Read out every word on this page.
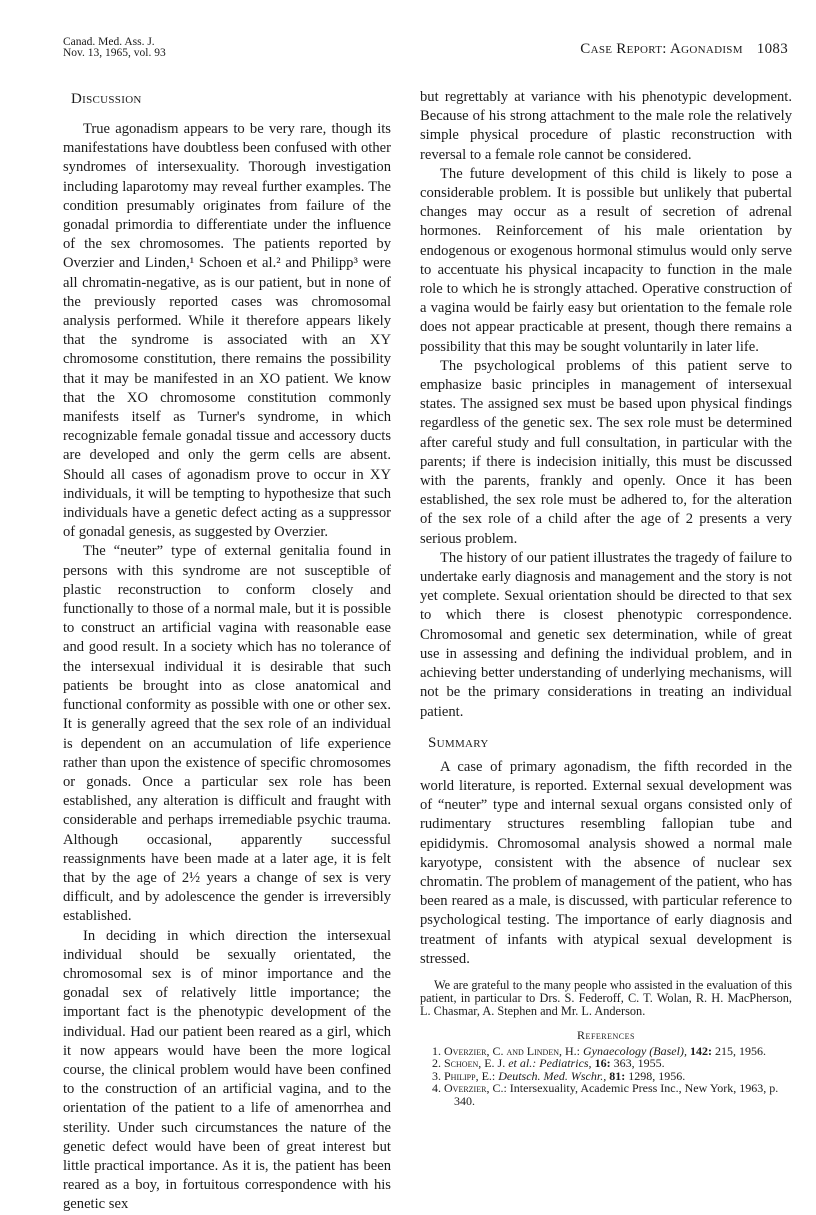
Canad. Med. Ass. J.
Nov. 13, 1965, vol. 93	Case Report: Agonadism 1083
Discussion

True agonadism appears to be very rare, though its manifestations have doubtless been confused with other syndromes of intersexuality. Thorough investigation including laparotomy may reveal further examples. The condition presumably originates from failure of the gonadal primordia to differentiate under the influence of the sex chromosomes. The patients reported by Overzier and Linden,¹ Schoen et al.² and Philipp³ were all chromatin-negative, as is our patient, but in none of the previously reported cases was chromosomal analysis performed. While it therefore appears likely that the syndrome is associated with an XY chromosome constitution, there remains the possibility that it may be manifested in an XO patient. We know that the XO chromosome constitution commonly manifests itself as Turner's syndrome, in which recognizable female gonadal tissue and accessory ducts are developed and only the germ cells are absent. Should all cases of agonadism prove to occur in XY individuals, it will be tempting to hypothesize that such individuals have a genetic defect acting as a suppressor of gonadal genesis, as suggested by Overzier.

The “neuter” type of external genitalia found in persons with this syndrome are not susceptible of plastic reconstruction to conform closely and functionally to those of a normal male, but it is possible to construct an artificial vagina with reasonable ease and good result. In a society which has no tolerance of the intersexual individual it is desirable that such patients be brought into as close anatomical and functional conformity as possible with one or other sex. It is generally agreed that the sex role of an individual is dependent on an accumulation of life experience rather than upon the existence of specific chromosomes or gonads. Once a particular sex role has been established, any alteration is difficult and fraught with considerable and perhaps irremediable psychic trauma. Although occasional, apparently successful reassignments have been made at a later age, it is felt that by the age of 2½ years a change of sex is very difficult, and by adolescence the gender is irreversibly established.

In deciding in which direction the intersexual individual should be sexually orientated, the chromosomal sex is of minor importance and the gonadal sex of relatively little importance; the important fact is the phenotypic development of the individual. Had our patient been reared as a girl, which it now appears would have been the more logical course, the clinical problem would have been confined to the construction of an artificial vagina, and to the orientation of the patient to a life of amenorrhea and sterility. Under such circumstances the nature of the genetic defect would have been of great interest but little practical importance. As it is, the patient has been reared as a boy, in fortuitous correspondence with his genetic sex

but regrettably at variance with his phenotypic development. Because of his strong attachment to the male role the relatively simple physical procedure of plastic reconstruction with reversal to a female role cannot be considered.

The future development of this child is likely to pose a considerable problem. It is possible but unlikely that pubertal changes may occur as a result of secretion of adrenal hormones. Reinforcement of his male orientation by endogenous or exogenous hormonal stimulus would only serve to accentuate his physical incapacity to function in the male role to which he is strongly attached. Operative construction of a vagina would be fairly easy but orientation to the female role does not appear practicable at present, though there remains a possibility that this may be sought voluntarily in later life.

The psychological problems of this patient serve to emphasize basic principles in management of intersexual states. The assigned sex must be based upon physical findings regardless of the genetic sex. The sex role must be determined after careful study and full consultation, in particular with the parents; if there is indecision initially, this must be discussed with the parents, frankly and openly. Once it has been established, the sex role must be adhered to, for the alteration of the sex role of a child after the age of 2 presents a very serious problem.

The history of our patient illustrates the tragedy of failure to undertake early diagnosis and management and the story is not yet complete. Sexual orientation should be directed to that sex to which there is closest phenotypic correspondence. Chromosomal and genetic sex determination, while of great use in assessing and defining the individual problem, and in achieving better understanding of underlying mechanisms, will not be the primary considerations in treating an individual patient.

Summary

A case of primary agonadism, the fifth recorded in the world literature, is reported. External sexual development was of “neuter” type and internal sexual organs consisted only of rudimentary structures resembling fallopian tube and epididymis. Chromosomal analysis showed a normal male karyotype, consistent with the absence of nuclear sex chromatin. The problem of management of the patient, who has been reared as a male, is discussed, with particular reference to psychological testing. The importance of early diagnosis and treatment of infants with atypical sexual development is stressed.

We are grateful to the many people who assisted in the evaluation of this patient, in particular to Drs. S. Federoff, C. T. Wolan, R. H. MacPherson, L. Chasmar, A. Stephen and Mr. L. Anderson.

References
1. Overzier, C. and Linden, H.: Gynaecology (Basel), 142: 215, 1956.
2. Schoen, E. J. et al.: Pediatrics, 16: 363, 1955.
3. Philipp, E.: Deutsch. Med. Wschr., 81: 1298, 1956.
4. Overzier, C.: Intersexuality, Academic Press Inc., New York, 1963, p. 340.
